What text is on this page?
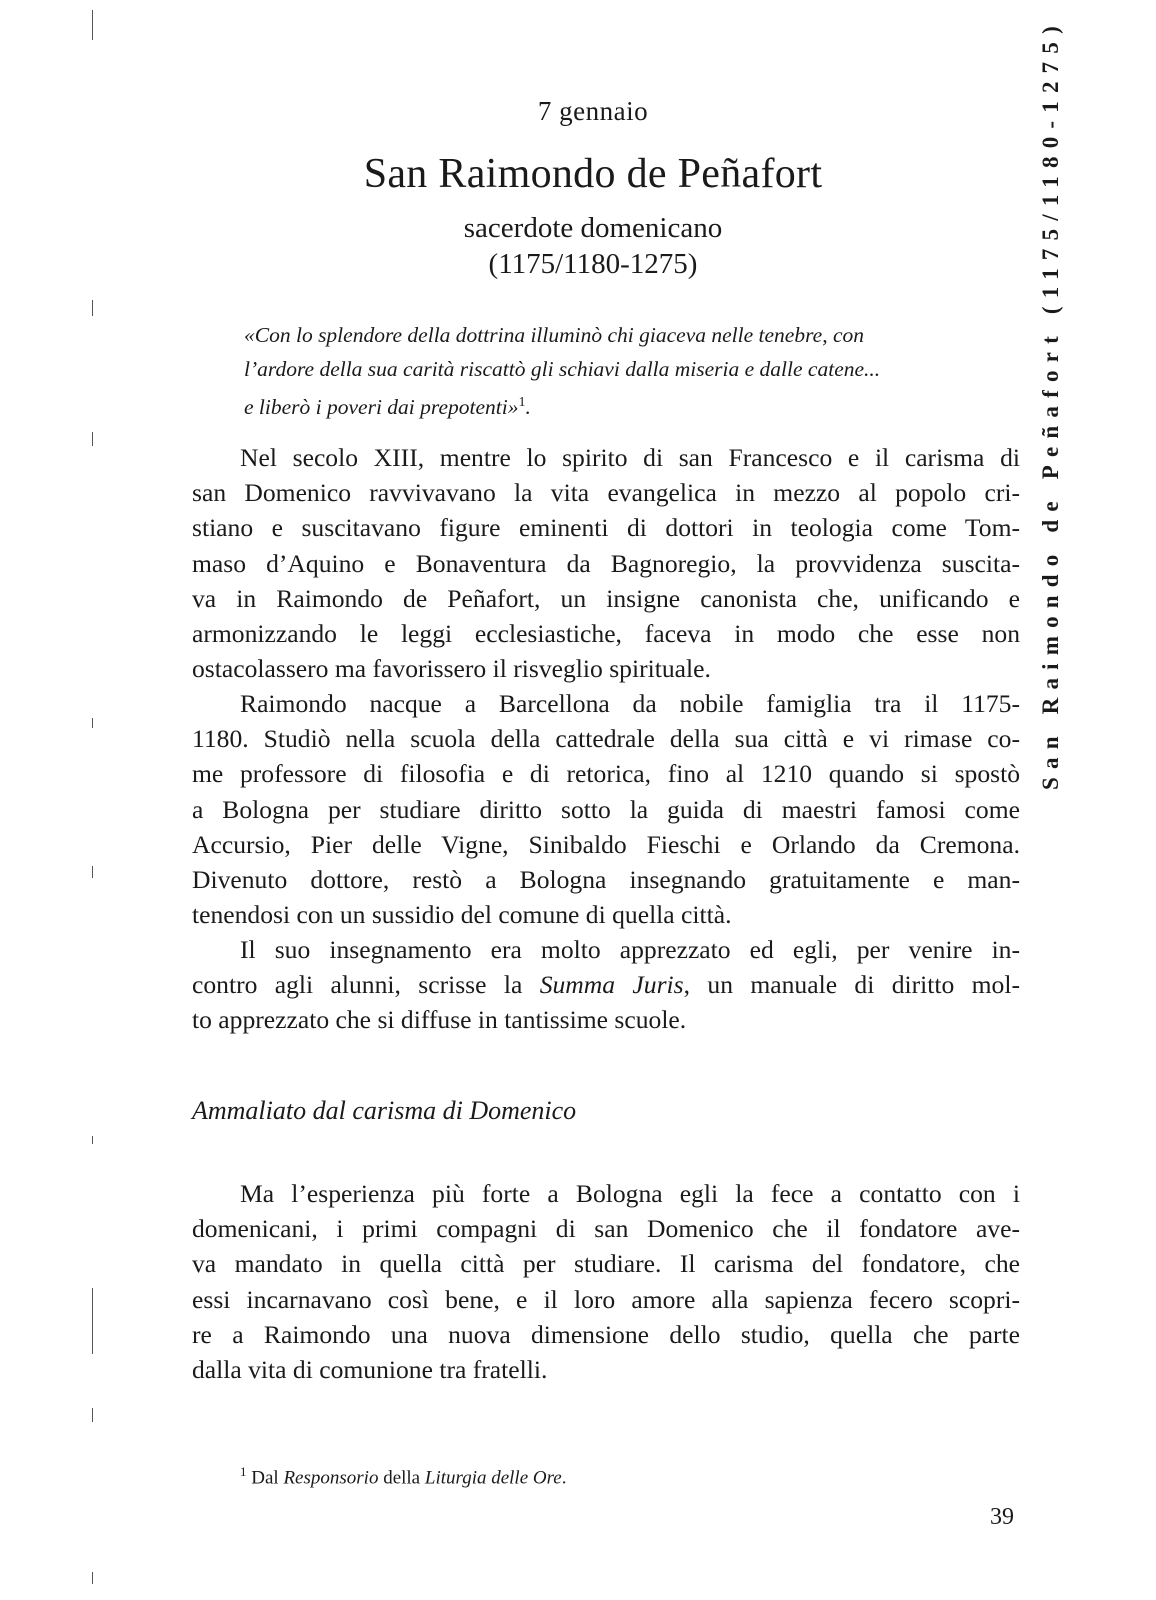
7 gennaio
San Raimondo de Peñafort
sacerdote domenicano
(1175/1180-1275)

«Con lo splendore della dottrina illuminò chi giaceva nelle tenebre, con

l’ardore della sua carità riscattò gli schiavi dalla miseria e dalle catene...

e liberò i poveri dai prepotenti»$^1$.

Nel secolo XIII, mentre lo spirito di san Francesco e il carisma di
san Domenico ravvivavano la vita evangelica in mezzo al popolo cri-
stiano e suscitavano figure eminenti di dottori in teologia come Tom-
maso d’Aquino e Bonaventura da Bagnoregio, la provvidenza suscita-
va in Raimondo de Peñafort, un insigne canonista che, unificando e
armonizzando le leggi ecclesiastiche, faceva in modo che esse non
ostacolassero ma favorissero il risveglio spirituale.
Raimondo nacque a Barcellona da nobile famiglia tra il 1175-
1180. Studiò nella scuola della cattedrale della sua città e vi rimase co-
me professore di filosofia e di retorica, fino al 1210 quando si spostò
a Bologna per studiare diritto sotto la guida di maestri famosi come
Accursio, Pier delle Vigne, Sinibaldo Fieschi e Orlando da Cremona.
Divenuto dottore, restò a Bologna insegnando gratuitamente e man-
tenendosi con un sussidio del comune di quella città.
Il suo insegnamento era molto apprezzato ed egli, per venire in-
contro agli alunni, scrisse la Summa Juris, un manuale di diritto mol-
to apprezzato che si diffuse in tantissime scuole.
Ammaliato dal carisma di Domenico
Ma l’esperienza più forte a Bologna egli la fece a contatto con i
domenicani, i primi compagni di san Domenico che il fondatore ave-
va mandato in quella città per studiare. Il carisma del fondatore, che
essi incarnavano così bene, e il loro amore alla sapienza fecero scopri-
re a Raimondo una nuova dimensione dello studio, quella che parte
dalla vita di comunione tra fratelli.
$^1$ Dal Responsorio della Liturgia delle Ore.
39
San Raimondo de Peñafort (1175/1180-1275)
